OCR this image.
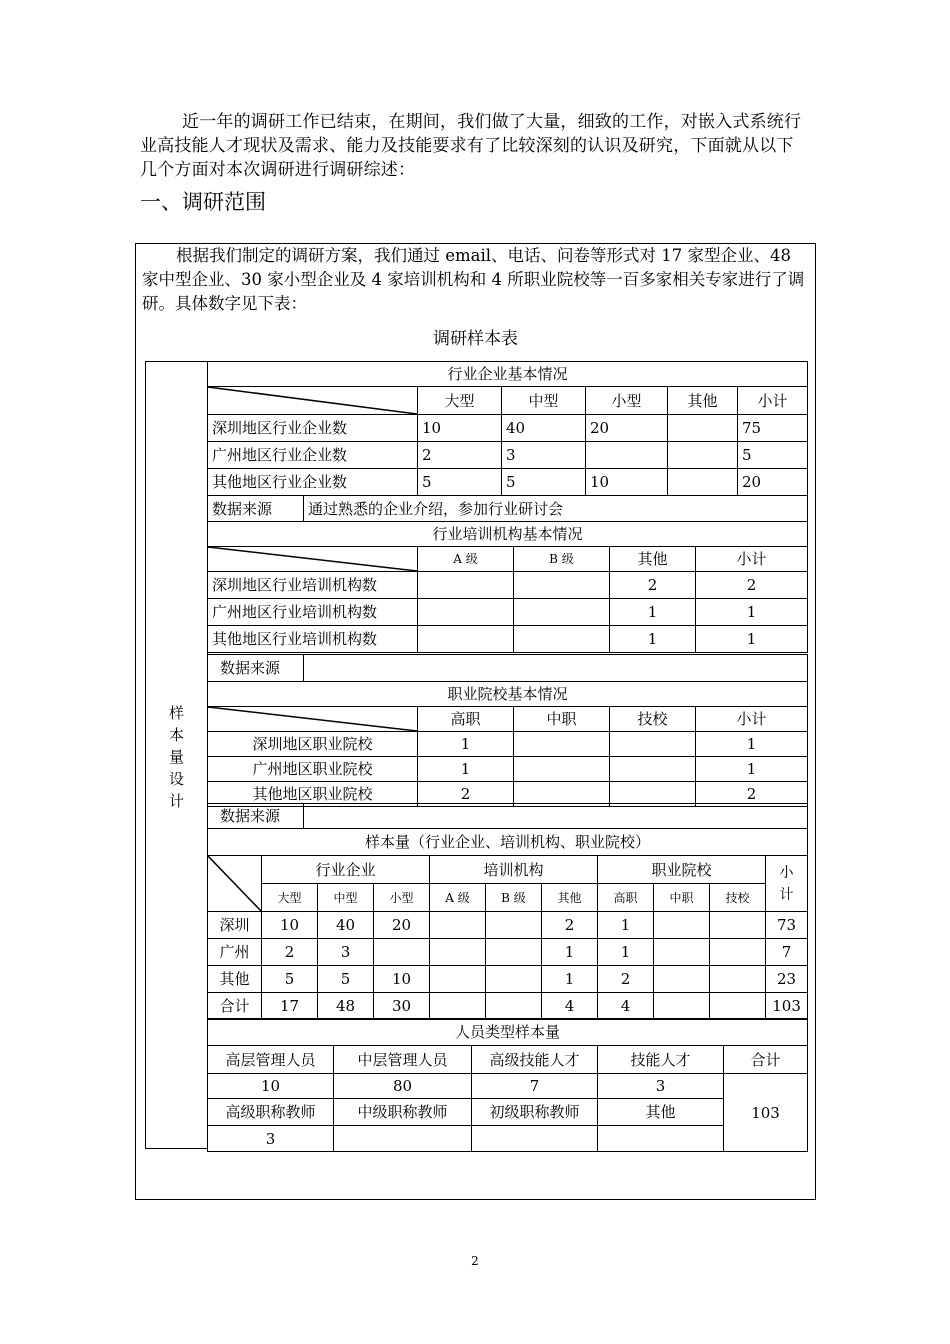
近一年的调研工作已结束，在期间，我们做了大量，细致的工作，对嵌入式系统行业高技能人才现状及需求、能力及技能要求有了比较深刻的认识及研究，下面就从以下几个方面对本次调研进行调研综述：

一、调研范围

根据我们制定的调研方案，我们通过 email、电话、问卷等形式对 17 家型企业、48 家中型企业、30 家小型企业及 4 家培训机构和 4 所职业院校等一百多家相关专家进行了调研。具体数字见下表：

调研样本表
样
本
量
设
计
行业企业基本情况					

	大型	中型	小型	其他	小计
深圳地区行业企业数	10	40	20		75
广州地区行业企业数	2	3			5
其他地区行业企业数	5	5	10		20
数据来源	通过熟悉的企业介绍，参加行业研讨会
行业培训机构基本情况				

	A 级	B 级	其他	小计
深圳地区行业培训机构数			2	2
广州地区行业培训机构数			1	1
其他地区行业培训机构数			1	1
数据来源	
职业院校基本情况				

	高职	中职	技校	小计
深圳地区职业院校	1			1
广州地区职业院校	1			1
其他地区职业院校	2			2
数据来源	
样本量（行业企业、培训机构、职业院校）										

	行业企业			培训机构			职业院校			小计
	大型	中型	小型	A 级	B 级	其他	高职	中职	技校	
深圳	10	40	20			2	1			73
广州	2	3				1	1			7
其他	5	5	10			1	2			23
合计	17	48	30			4	4			103
人员类型样本量				
高层管理人员	中层管理人员	高级技能人才	技能人才	合计
10	80	7	3	103
高级职称教师	中级职称教师	初级职称教师	其他	
3				
2
